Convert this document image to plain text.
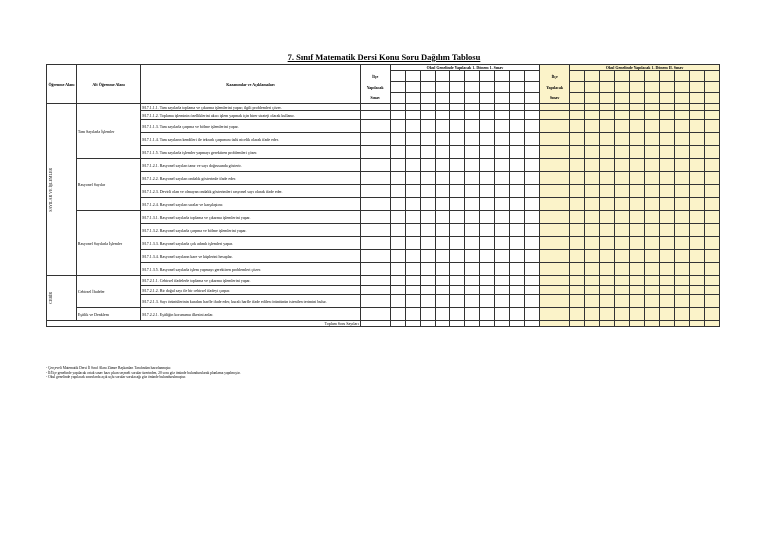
7. Sınıf Matematik Dersi Konu Soru Dağılım Tablosu
Öğrenme Alanı	Alt Öğrenme Alanı	Kazanımlar ve Açıklamaları		Okul Genelinde Yapılacak 1. Dönem 1. Sınav											Okul Genelinde Yapılacak 1. Dönem II. Sınav									
			İlçe											İlçe										
			Yapılacak											Yapılacak										
			Sınav											Sınav										

SAYILAR VE İŞLEMLER	Tam Sayılarla İşlemler	M.7.1.1.1. Tam sayılarla toplama ve çıkarma işlemlerini yapar; ilgili problemleri çözer.																						
		M.7.1.1.2. Toplama işleminin özelliklerini akıcı işlem yapmak için birer strateji olarak kullanır.																						
		M.7.1.1.3. Tam sayılarla çarpma ve bölme işlemlerini yapar.																						
		M.7.1.1.4. Tam sayıların kendileri ile tekrarlı çarpımını üslü nicelik olarak ifade eder.																						
		M.7.1.1.5. Tam sayılarla işlemler yapmayı gerektiren problemleri çözer.																						
	Rasyonel Sayılar	M.7.1.2.1. Rasyonel sayıları tanır ve sayı doğrusunda gösterir.																						
		M.7.1.2.2. Rasyonel sayıları ondalık gösterimle ifade eder.																						
		M.7.1.2.3. Devirli olan ve olmayan ondalık gösterimleri rasyonel sayı olarak ifade eder.																						
		M.7.1.2.4. Rasyonel sayıları sıralar ve karşılaştırır.																						
	Rasyonel Sayılarla İşlemler	M.7.1.3.1. Rasyonel sayılarla toplama ve çıkarma işlemlerini yapar.																						
		M.7.1.3.2. Rasyonel sayılarla çarpma ve bölme işlemlerini yapar.																						
		M.7.1.3.3. Rasyonel sayılarla çok adımlı işlemleri yapar.																						
		M.7.1.3.4. Rasyonel sayıların kare ve küplerini hesaplar.																						
		M.7.1.3.5. Rasyonel sayılarla işlem yapmayı gerektiren problemleri çözer.																						

CEBİR	Cebirsel İfadeler	M.7.2.1.1. Cebirsel ifadelerle toplama ve çıkarma işlemlerini yapar.																						
		M.7.2.1.2. Bir doğal sayı ile bir cebirsel ifadeyi çarpar.																						
		M.7.2.1.3. Sayı örüntülerinin kuralını harfle ifade eder, kuralı harfle ifade edilen örüntünün istenilen terimini bulur.																						
	Eşitlik ve Denklem	M.7.2.2.1. Eşitliğin korunumu ilkesini anlar.																						
Toplam Soru Sayıları																								
- Çerçeveli Matematik Dersi İl Sınıf Alanı Zümre Başkanları Tarafından hazırlanmıştır.
- İl/İlçe genelinde yapılacak ortak sınav bazı çıkan seçmeli sorular üzerinden, 20 soru göz önünde bulundurularak planlama yapılmıştır.
- Okul genelinde yapılacak sınavlarda açık uçlu sorular sorulacağı göz önünde bulundurulmuştur.
